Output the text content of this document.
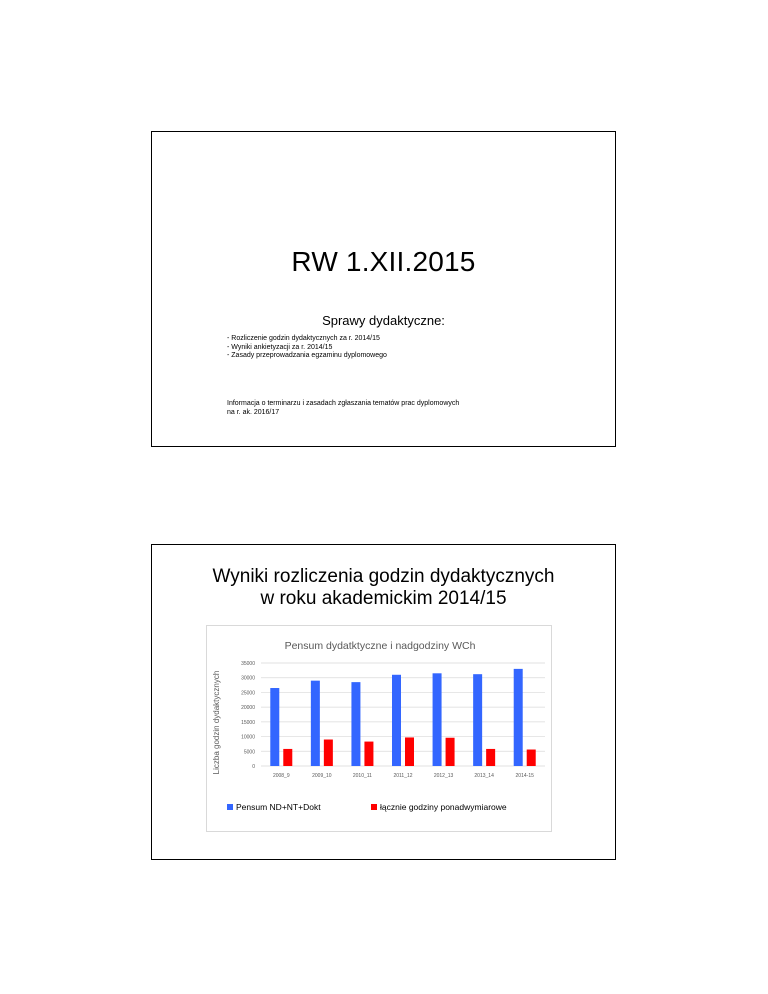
RW 1.XII.2015
Sprawy dydaktyczne:
- Rozliczenie godzin dydaktycznych za r. 2014/15
- Wyniki ankietyzacji za r. 2014/15
- Zasady przeprowadzania egzaminu dyplomowego
Informacja o terminarzu i zasadach zgłaszania tematów prac dyplomowych
na r. ak. 2016/17
Wyniki rozliczenia godzin dydaktycznych
w roku akademickim 2014/15
Pensum dydatktyczne i nadgodziny WCh
Liczba godzin dydaktycznych	0
5000
10000
15000
20000
25000
30000
35000
2008_9	2009_10	2010_11	2011_12	2012_13	2013_14	2014-15
Pensum ND+NT+Dokt	łącznie godziny ponadwymiarowe
